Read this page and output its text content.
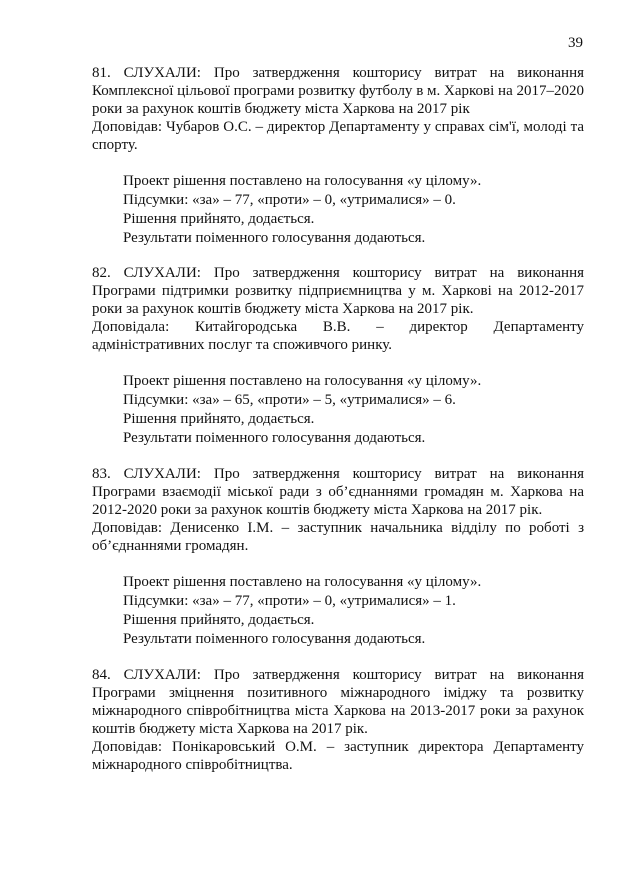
39

81. СЛУХАЛИ: Про затвердження кошторису витрат на виконання Комплексної цільової програми розвитку футболу в м. Харкові на 2017–2020 роки за рахунок коштів бюджету міста Харкова на 2017 рік

Доповідав: Чубаров О.С. – директор Департаменту у справах сім'ї, молоді та спорту.

Проект рішення поставлено на голосування «у цілому».
Підсумки: «за» – 77, «проти» – 0, «утрималися» – 0.
Рішення прийнято, додається.
Результати поіменного голосування додаються.

82. СЛУХАЛИ: Про затвердження кошторису витрат на виконання Програми підтримки розвитку підприємництва у м. Харкові на 2012-2017 роки за рахунок коштів бюджету міста Харкова на 2017 рік.

Доповідала: Китайгородська В.В. – директор Департаменту адміністративних послуг та споживчого ринку.

Проект рішення поставлено на голосування «у цілому».
Підсумки: «за» – 65, «проти» – 5, «утрималися» – 6.
Рішення прийнято, додається.
Результати поіменного голосування додаються.

83. СЛУХАЛИ: Про затвердження кошторису витрат на виконання Програми взаємодії міської ради з об’єднаннями громадян м. Харкова на 2012-2020 роки за рахунок коштів бюджету міста Харкова на 2017 рік.

Доповідав: Денисенко І.М. – заступник начальника відділу по роботі з об’єднаннями громадян.

Проект рішення поставлено на голосування «у цілому».
Підсумки: «за» – 77, «проти» – 0, «утрималися» – 1.
Рішення прийнято, додається.
Результати поіменного голосування додаються.

84. СЛУХАЛИ: Про затвердження кошторису витрат на виконання Програми зміцнення позитивного міжнародного іміджу та розвитку міжнародного співробітництва міста Харкова на 2013-2017 роки за рахунок коштів бюджету міста Харкова на 2017 рік.

Доповідав: Понікаровський О.М. – заступник директора Департаменту міжнародного співробітництва.
